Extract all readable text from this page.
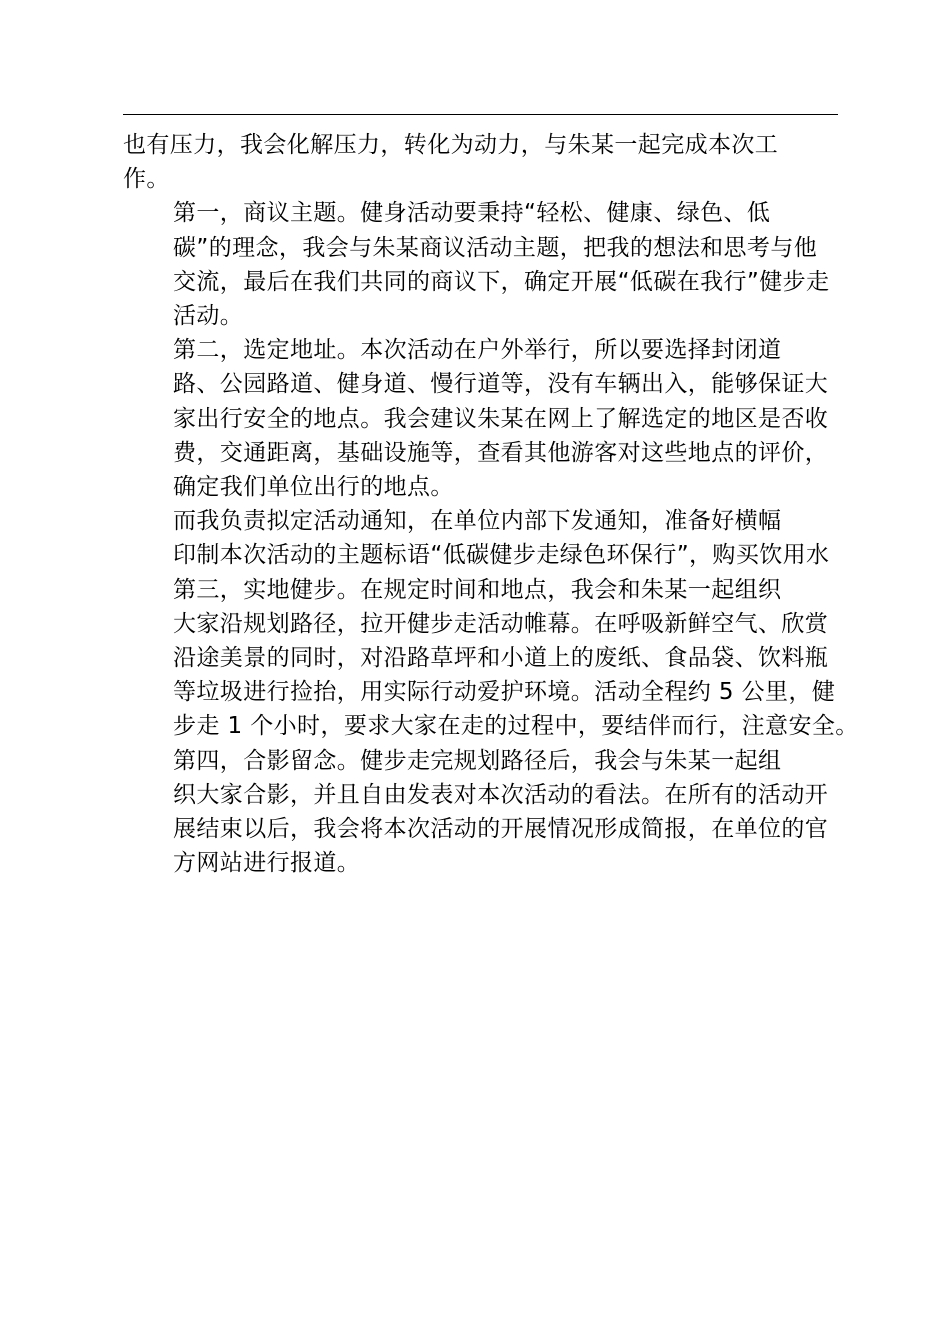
也有压力，我会化解压力，转化为动力，与朱某一起完成本次工
作。

第一，商议主题。健身活动要秉持“轻松、健康、绿色、低
碳”的理念，我会与朱某商议活动主题，把我的想法和思考与他
交流，最后在我们共同的商议下，确定开展“低碳在我行”健步走
活动。

第二，选定地址。本次活动在户外举行，所以要选择封闭道
路、公园路道、健身道、慢行道等，没有车辆出入，能够保证大
家出行安全的地点。我会建议朱某在网上了解选定的地区是否收
费，交通距离，基础设施等，查看其他游客对这些地点的评价，
确定我们单位出行的地点。

而我负责拟定活动通知，在单位内部下发通知，准备好横幅
印制本次活动的主题标语“低碳健步走绿色环保行”，购买饮用水

第三，实地健步。在规定时间和地点，我会和朱某一起组织
大家沿规划路径，拉开健步走活动帷幕。在呼吸新鲜空气、欣赏
沿途美景的同时，对沿路草坪和小道上的废纸、食品袋、饮料瓶
等垃圾进行捡抬，用实际行动爱护环境。活动全程约 5 公里，健
步走 1 个小时，要求大家在走的过程中，要结伴而行，注意安全。

第四，合影留念。健步走完规划路径后，我会与朱某一起组
织大家合影，并且自由发表对本次活动的看法。在所有的活动开
展结束以后，我会将本次活动的开展情况形成简报，在单位的官
方网站进行报道。
